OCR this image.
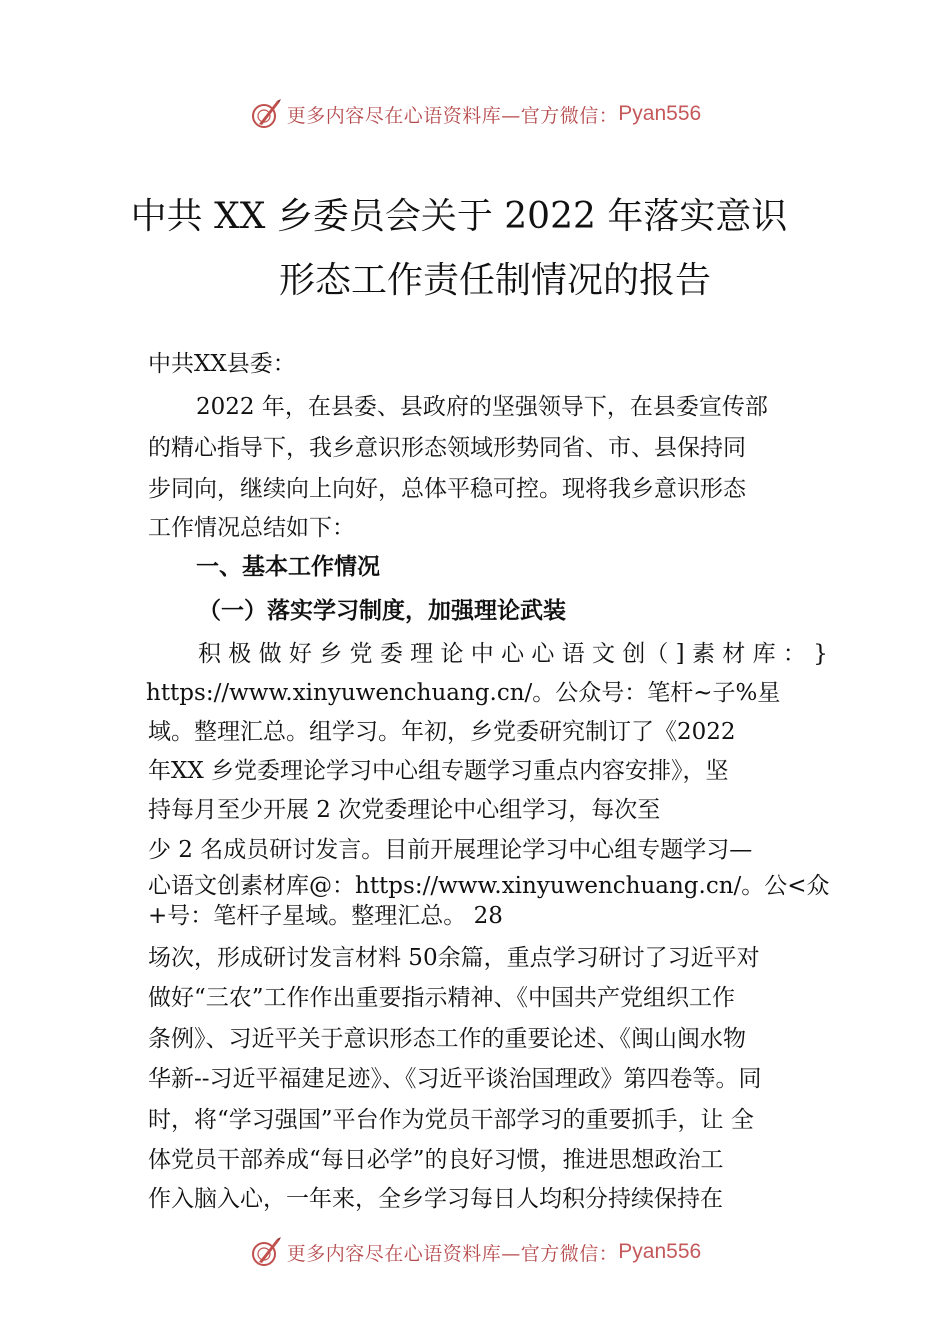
更多内容尽在心语资料库—官方微信： Pyan556
中共 XX 乡委员会关于 2022 年落实意识
形态工作责任制情况的报告
中共XX县委：
2022 年，在县委、县政府的坚强领导下，在县委宣传部
的精心指导下，我乡意识形态领域形势同省、市、县保持同
步同向，继续向上向好，总体平稳可控。现将我乡意识形态
工作情况总结如下：
一、基本工作情况
（一）落实学习制度，加强理论武装
积 极 做 好 乡 党 委 理 论 中 心 心 语 文 创（ ] 素 材 库 ： }
https://www.xinyuwenchuang.cn/。公众号：笔杆~子%星
域。整理汇总。组学习。年初，乡党委研究制订了《2022
年XX 乡党委理论学习中心组专题学习重点内容安排》，坚
持每月至少开展 2 次党委理论中心组学习，每次至
少 2 名成员研讨发言。目前开展理论学习中心组专题学习—
心语文创素材库@：https://www.xinyuwenchuang.cn/。公<众
+号：笔杆子星域。整理汇总。 28
场次，形成研讨发言材料 50余篇，重点学习研讨了习近平对
做好“三农”工作作出重要指示精神、《中国共产党组织工作
条例》、习近平关于意识形态工作的重要论述、《闽山闽水物
华新--习近平福建足迹》、《习近平谈治国理政》第四卷等。同
时，将“学习强国”平台作为党员干部学习的重要抓手，让 全
体党员干部养成“每日必学”的良好习惯，推进思想政治工
作入脑入心，一年来，全乡学习每日人均积分持续保持在
更多内容尽在心语资料库—官方微信： Pyan556
